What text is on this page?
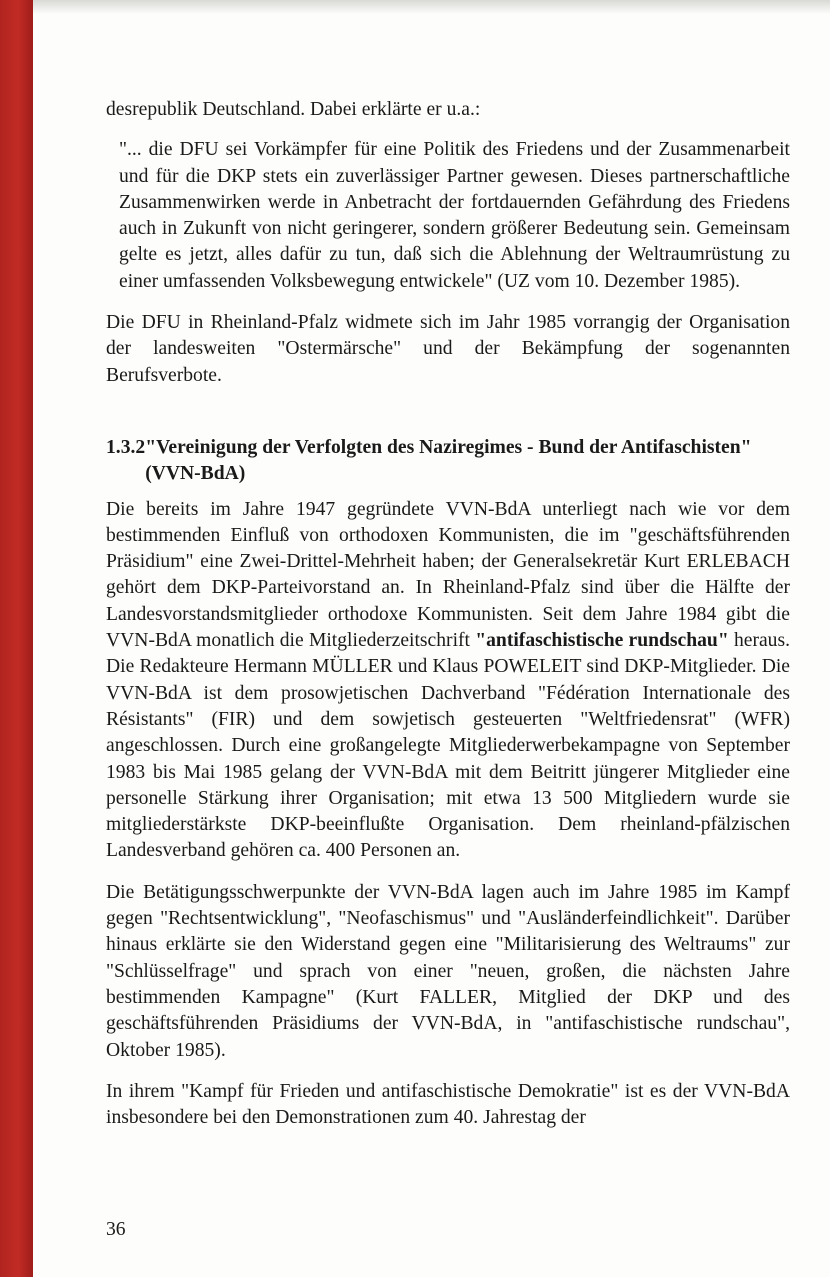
desrepublik Deutschland. Dabei erklärte er u.a.:

"... die DFU sei Vorkämpfer für eine Politik des Friedens und der Zusammenarbeit und für die DKP stets ein zuverlässiger Partner gewesen. Dieses partnerschaftliche Zusammenwirken werde in Anbetracht der fortdauernden Gefährdung des Friedens auch in Zukunft von nicht geringerer, sondern größerer Bedeutung sein. Gemeinsam gelte es jetzt, alles dafür zu tun, daß sich die Ablehnung der Weltraumrüstung zu einer umfassenden Volksbewegung entwickele" (UZ vom 10. Dezember 1985).

Die DFU in Rheinland-Pfalz widmete sich im Jahr 1985 vorrangig der Organisation der landesweiten "Ostermärsche" und der Bekämpfung der sogenannten Berufsverbote.

1.3.2 "Vereinigung der Verfolgten des Naziregimes - Bund der Antifaschisten" (VVN-BdA)

Die bereits im Jahre 1947 gegründete VVN-BdA unterliegt nach wie vor dem bestimmenden Einfluß von orthodoxen Kommunisten, die im "geschäftsführenden Präsidium" eine Zwei-Drittel-Mehrheit haben; der Generalsekretär Kurt ERLEBACH gehört dem DKP-Parteivorstand an. In Rheinland-Pfalz sind über die Hälfte der Landesvorstandsmitglieder orthodoxe Kommunisten. Seit dem Jahre 1984 gibt die VVN-BdA monatlich die Mitgliederzeitschrift "antifaschistische rundschau" heraus. Die Redakteure Hermann MÜLLER und Klaus POWELEIT sind DKP-Mitglieder. Die VVN-BdA ist dem prosowjetischen Dachverband "Fédération Internationale des Résistants" (FIR) und dem sowjetisch gesteuerten "Weltfriedensrat" (WFR) angeschlossen. Durch eine großangelegte Mitgliederwerbekampagne von September 1983 bis Mai 1985 gelang der VVN-BdA mit dem Beitritt jüngerer Mitglieder eine personelle Stärkung ihrer Organisation; mit etwa 13 500 Mitgliedern wurde sie mitgliederstärkste DKP-beeinflußte Organisation. Dem rheinland-pfälzischen Landesverband gehören ca. 400 Personen an.

Die Betätigungsschwerpunkte der VVN-BdA lagen auch im Jahre 1985 im Kampf gegen "Rechtsentwicklung", "Neofaschismus" und "Ausländerfeindlichkeit". Darüber hinaus erklärte sie den Widerstand gegen eine "Militarisierung des Weltraums" zur "Schlüsselfrage" und sprach von einer "neuen, großen, die nächsten Jahre bestimmenden Kampagne" (Kurt FALLER, Mitglied der DKP und des geschäftsführenden Präsidiums der VVN-BdA, in "antifaschistische rundschau", Oktober 1985).

In ihrem "Kampf für Frieden und antifaschistische Demokratie" ist es der VVN-BdA insbesondere bei den Demonstrationen zum 40. Jahrestag der

36
